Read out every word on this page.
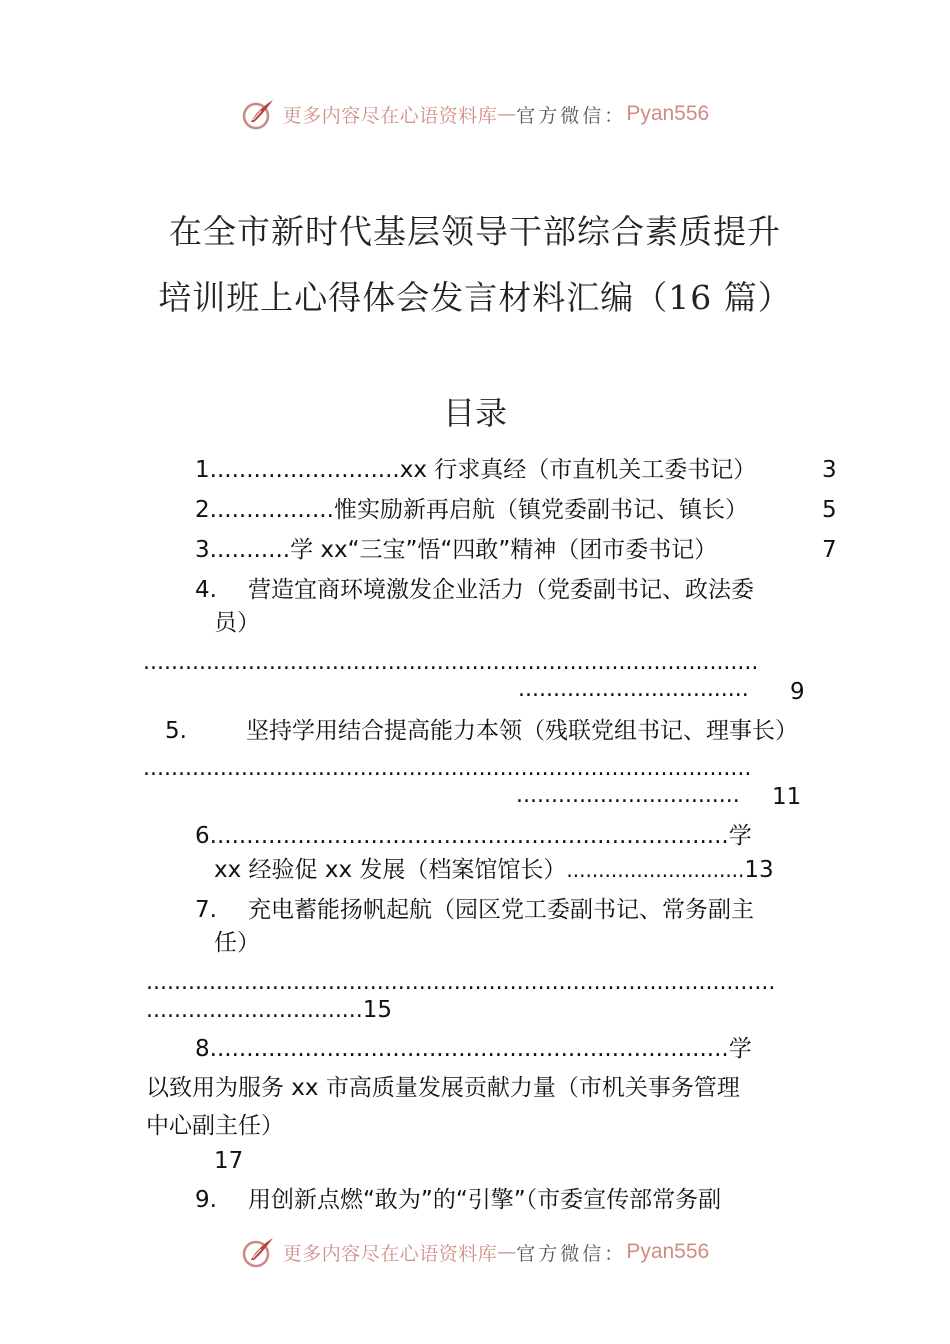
更多内容尽在心语资料库 — 官方微信： Pyan556
在全市新时代基层领导干部综合素质提升
培训班上心得体会发言材料汇编（16 篇）
目录
1..........................xx 行求真经（市直机关工委书记）	3
2.................惟实励新再启航（镇党委副书记、镇长）	5
3...........学 xx“三宝”悟“四敢”精神（团市委书记）	7
4. 营造宜商环境激发企业活力（党委副书记、政法委
员）
........................................................................................
................................. 9
5.	坚持学用结合提高能力本领（残联党组书记、理事长）
.......................................................................................
................................ 11
6.......................................................................学
xx 经验促 xx 发展（档案馆馆长）............................13
7. 充电蓄能扬帆起航（园区党工委副书记、常务副主
任）
..........................................................................................
...............................15
8.......................................................................学
以致用为服务 xx 市高质量发展贡献力量（市机关事务管理
中心副主任）
17
9. 用创新点燃“敢为”的“引擎”（市委宣传部常务副
更多内容尽在心语资料库 — 官方微信： Pyan556
